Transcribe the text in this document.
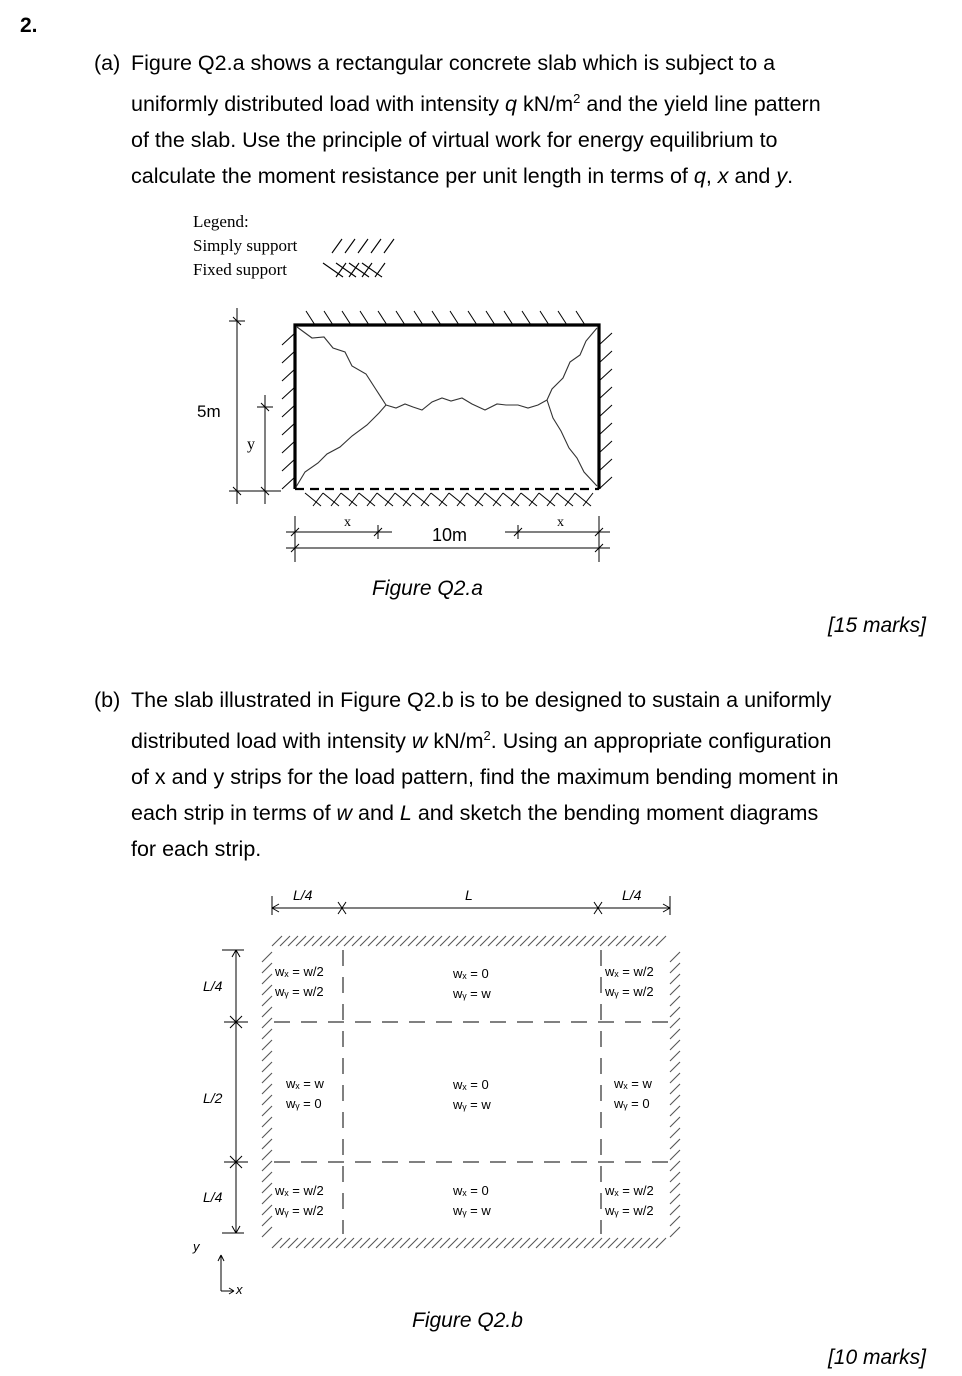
2.
(a) Figure Q2.a shows a rectangular concrete slab which is subject to a
uniformly distributed load with intensity q $kN/m^2$ and the yield line pattern
of the slab. Use the principle of virtual work for energy equilibrium to
calculate the moment resistance per unit length in terms of q, x and y.
Legend:
Simply support
Fixed support
5m
y
x
10m
x
Figure Q2.a
[15 marks]
(b) The slab illustrated in Figure Q2.b is to be designed to sustain a uniformly
distributed load with intensity w $kN/m^2$. Using an appropriate configuration
of x and y strips for the load pattern, find the maximum bending moment in
each strip in terms of w and L and sketch the bending moment diagrams
for each strip.
L/4	L	L/4
L/4
L/2
L/4
y
x
wₓ = w/2
wᵧ = w/2
wₓ = 0
wᵧ = w
wₓ = w/2
wᵧ = w/2
wₓ = w
wᵧ = 0
wₓ = 0
wᵧ = w
wₓ = w
wᵧ = 0
wₓ = w/2
wᵧ = w/2
wₓ = 0
wᵧ = w
wₓ = w/2
wᵧ = w/2
Figure Q2.b
[10 marks]
